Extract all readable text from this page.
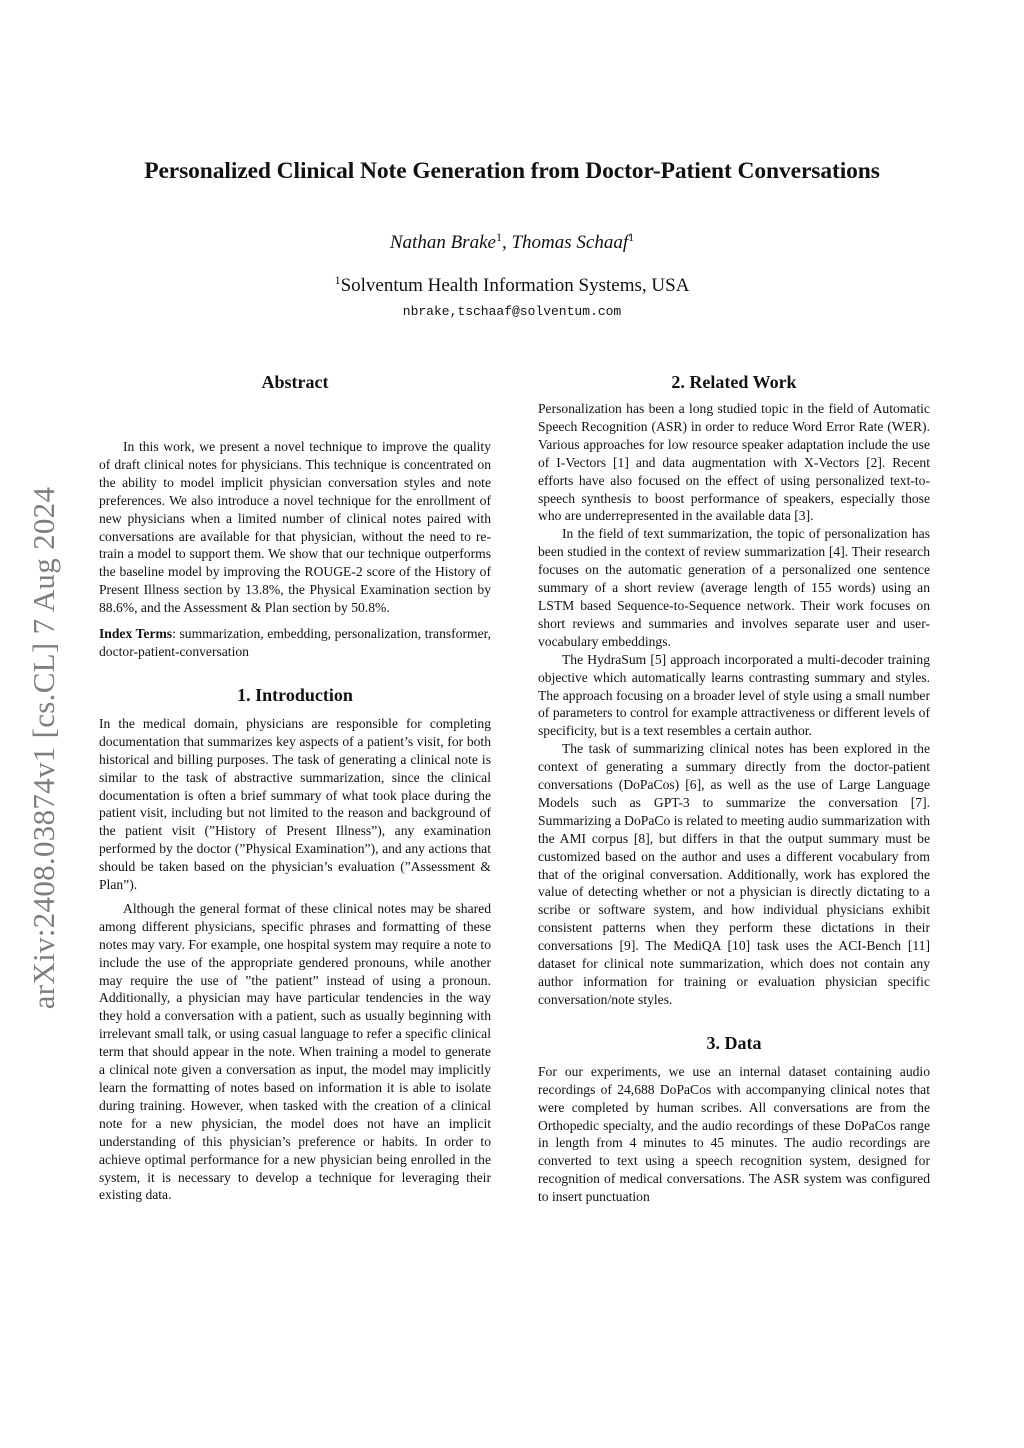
arXiv:2408.03874v1 [cs.CL] 7 Aug 2024
Personalized Clinical Note Generation from Doctor-Patient Conversations
Nathan Brake$^1$, Thomas Schaaf$^1$
$^1$Solventum Health Information Systems, USA
nbrake,tschaaf@solventum.com
Abstract

In this work, we present a novel technique to improve the quality of draft clinical notes for physicians. This technique is concentrated on the ability to model implicit physician conversation styles and note preferences. We also introduce a novel technique for the enrollment of new physicians when a limited number of clinical notes paired with conversations are available for that physician, without the need to re-train a model to support them. We show that our technique outperforms the baseline model by improving the ROUGE-2 score of the History of Present Illness section by 13.8%, the Physical Examination section by 88.6%, and the Assessment & Plan section by 50.8%.

Index Terms: summarization, embedding, personalization, transformer, doctor-patient-conversation

1. Introduction

In the medical domain, physicians are responsible for completing documentation that summarizes key aspects of a patient’s visit, for both historical and billing purposes. The task of generating a clinical note is similar to the task of abstractive summarization, since the clinical documentation is often a brief summary of what took place during the patient visit, including but not limited to the reason and background of the patient visit (”History of Present Illness”), any examination performed by the doctor (”Physical Examination”), and any actions that should be taken based on the physician’s evaluation (”Assessment & Plan”).

Although the general format of these clinical notes may be shared among different physicians, specific phrases and formatting of these notes may vary. For example, one hospital system may require a note to include the use of the appropriate gendered pronouns, while another may require the use of ”the patient” instead of using a pronoun. Additionally, a physician may have particular tendencies in the way they hold a conversation with a patient, such as usually beginning with irrelevant small talk, or using casual language to refer a specific clinical term that should appear in the note. When training a model to generate a clinical note given a conversation as input, the model may implicitly learn the formatting of notes based on information it is able to isolate during training. However, when tasked with the creation of a clinical note for a new physician, the model does not have an implicit understanding of this physician’s preference or habits. In order to achieve optimal performance for a new physician being enrolled in the system, it is necessary to develop a technique for leveraging their existing data.

2. Related Work

Personalization has been a long studied topic in the field of Automatic Speech Recognition (ASR) in order to reduce Word Error Rate (WER). Various approaches for low resource speaker adaptation include the use of I-Vectors [1] and data augmentation with X-Vectors [2]. Recent efforts have also focused on the effect of using personalized text-to-speech synthesis to boost performance of speakers, especially those who are underrepresented in the available data [3].

In the field of text summarization, the topic of personalization has been studied in the context of review summarization [4]. Their research focuses on the automatic generation of a personalized one sentence summary of a short review (average length of 155 words) using an LSTM based Sequence-to-Sequence network. Their work focuses on short reviews and summaries and involves separate user and user-vocabulary embeddings.

The HydraSum [5] approach incorporated a multi-decoder training objective which automatically learns contrasting summary and styles. The approach focusing on a broader level of style using a small number of parameters to control for example attractiveness or different levels of specificity, but is a text resembles a certain author.

The task of summarizing clinical notes has been explored in the context of generating a summary directly from the doctor-patient conversations (DoPaCos) [6], as well as the use of Large Language Models such as GPT-3 to summarize the conversation [7]. Summarizing a DoPaCo is related to meeting audio summarization with the AMI corpus [8], but differs in that the output summary must be customized based on the author and uses a different vocabulary from that of the original conversation. Additionally, work has explored the value of detecting whether or not a physician is directly dictating to a scribe or software system, and how individual physicians exhibit consistent patterns when they perform these dictations in their conversations [9]. The MediQA [10] task uses the ACI-Bench [11] dataset for clinical note summarization, which does not contain any author information for training or evaluation physician specific conversation/note styles.

3. Data

For our experiments, we use an internal dataset containing audio recordings of 24,688 DoPaCos with accompanying clinical notes that were completed by human scribes. All conversations are from the Orthopedic specialty, and the audio recordings of these DoPaCos range in length from 4 minutes to 45 minutes. The audio recordings are converted to text using a speech recognition system, designed for recognition of medical conversations. The ASR system was configured to insert punctuation
